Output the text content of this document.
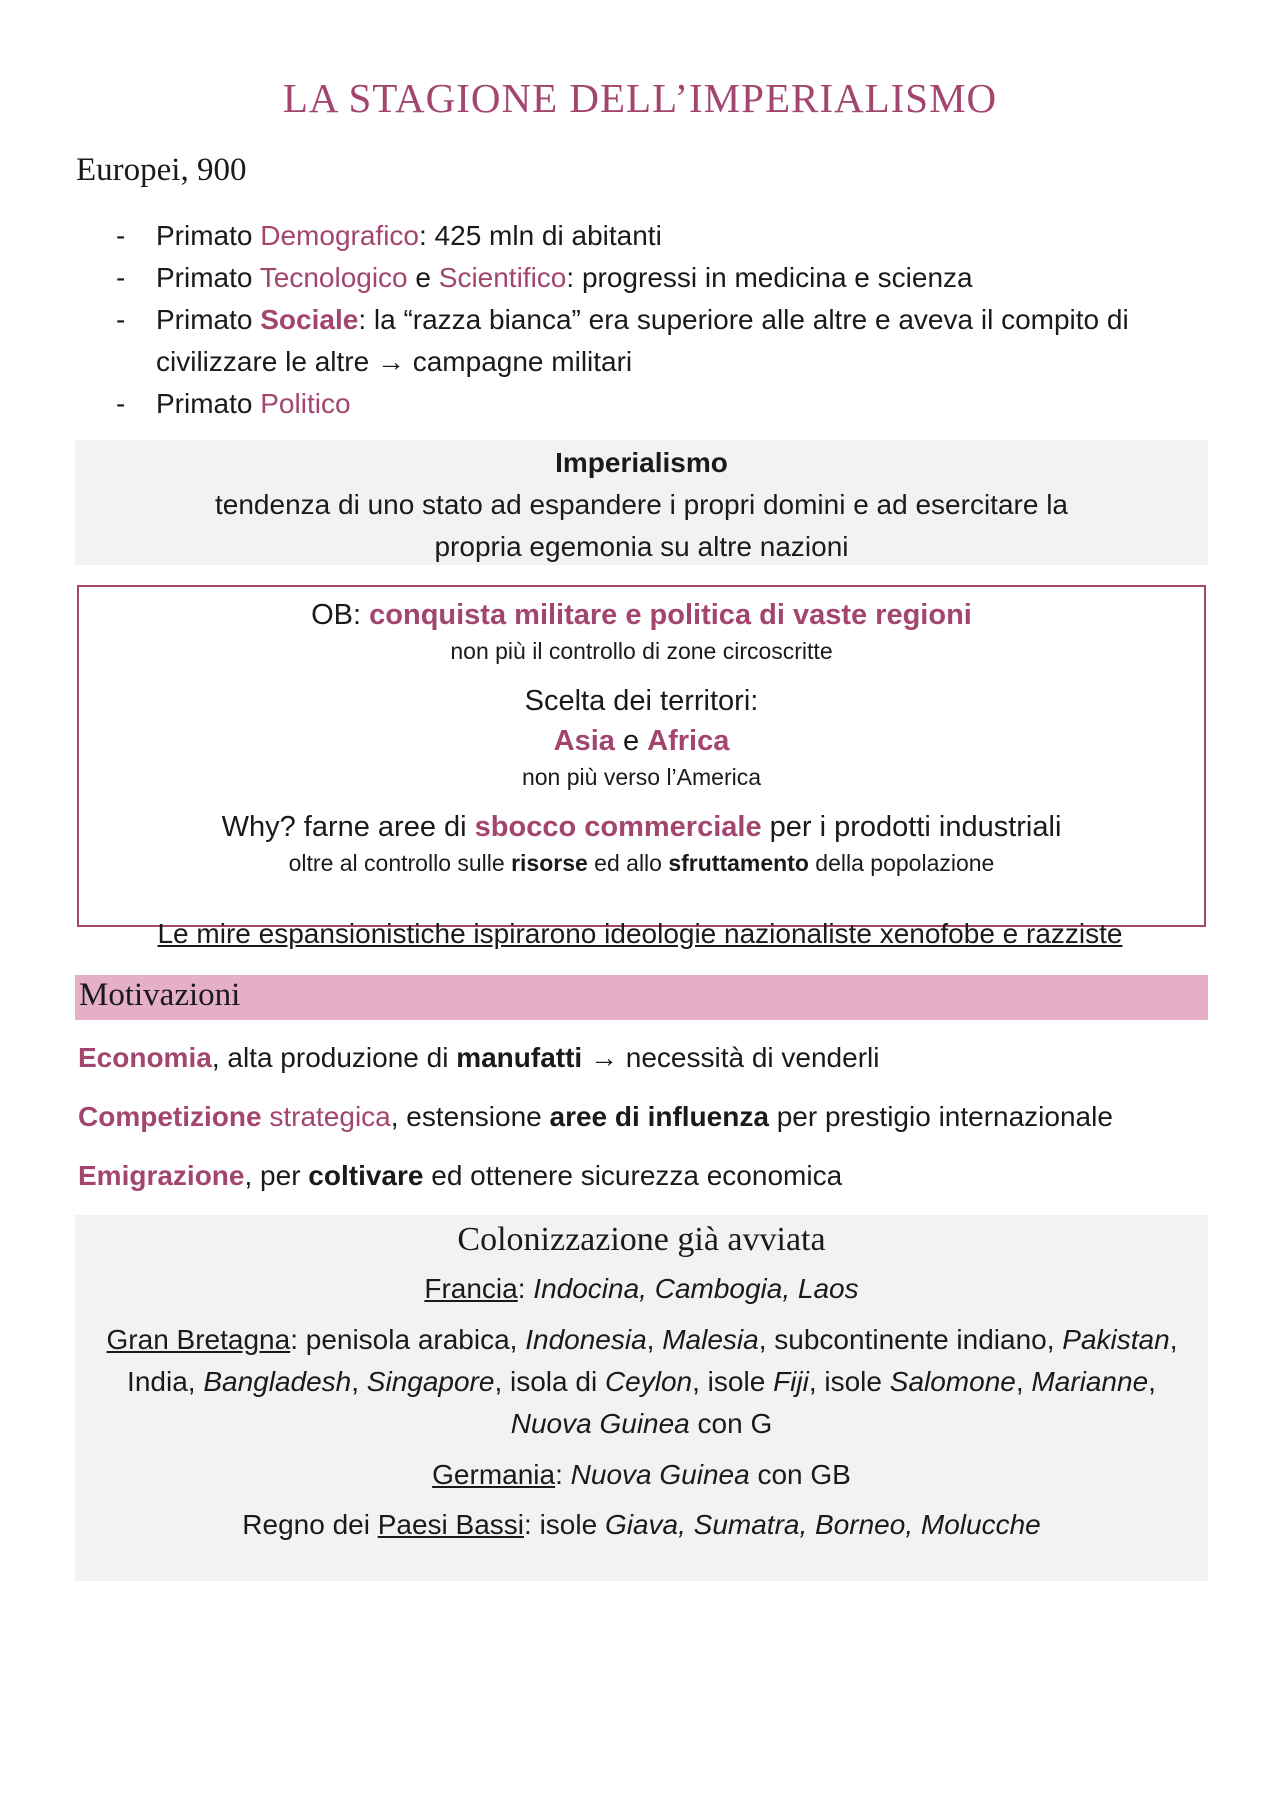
LA STAGIONE DELL’IMPERIALISMO
Europei, 900
- Primato Demografico: 425 mln di abitanti
- Primato Tecnologico e Scientifico: progressi in medicina e scienza
- Primato Sociale: la “razza bianca” era superiore alle altre e aveva il compito di civilizzare le altre → campagne militari
- Primato Politico
Imperialismo
tendenza di uno stato ad espandere i propri domini e ad esercitare la propria egemonia su altre nazioni
OB: conquista militare e politica di vaste regioni
non più il controllo di zone circoscritte
Scelta dei territori:
Asia e Africa
non più verso l’America
Why? farne aree di sbocco commerciale per i prodotti industriali
oltre al controllo sulle risorse ed allo sfruttamento della popolazione
Le mire espansionistiche ispirarono ideologie nazionaliste xenofobe e razziste
Motivazioni
Economia, alta produzione di manufatti → necessità di venderli
Competizione strategica, estensione aree di influenza per prestigio internazionale
Emigrazione, per coltivare ed ottenere sicurezza economica
Colonizzazione già avviata
Francia: Indocina, Cambogia, Laos
Gran Bretagna: penisola arabica, Indonesia, Malesia, subcontinente indiano, Pakistan,
India, Bangladesh, Singapore, isola di Ceylon, isole Fiji, isole Salomone, Marianne,
Nuova Guinea con G
Germania: Nuova Guinea con GB
Regno dei Paesi Bassi: isole Giava, Sumatra, Borneo, Molucche
